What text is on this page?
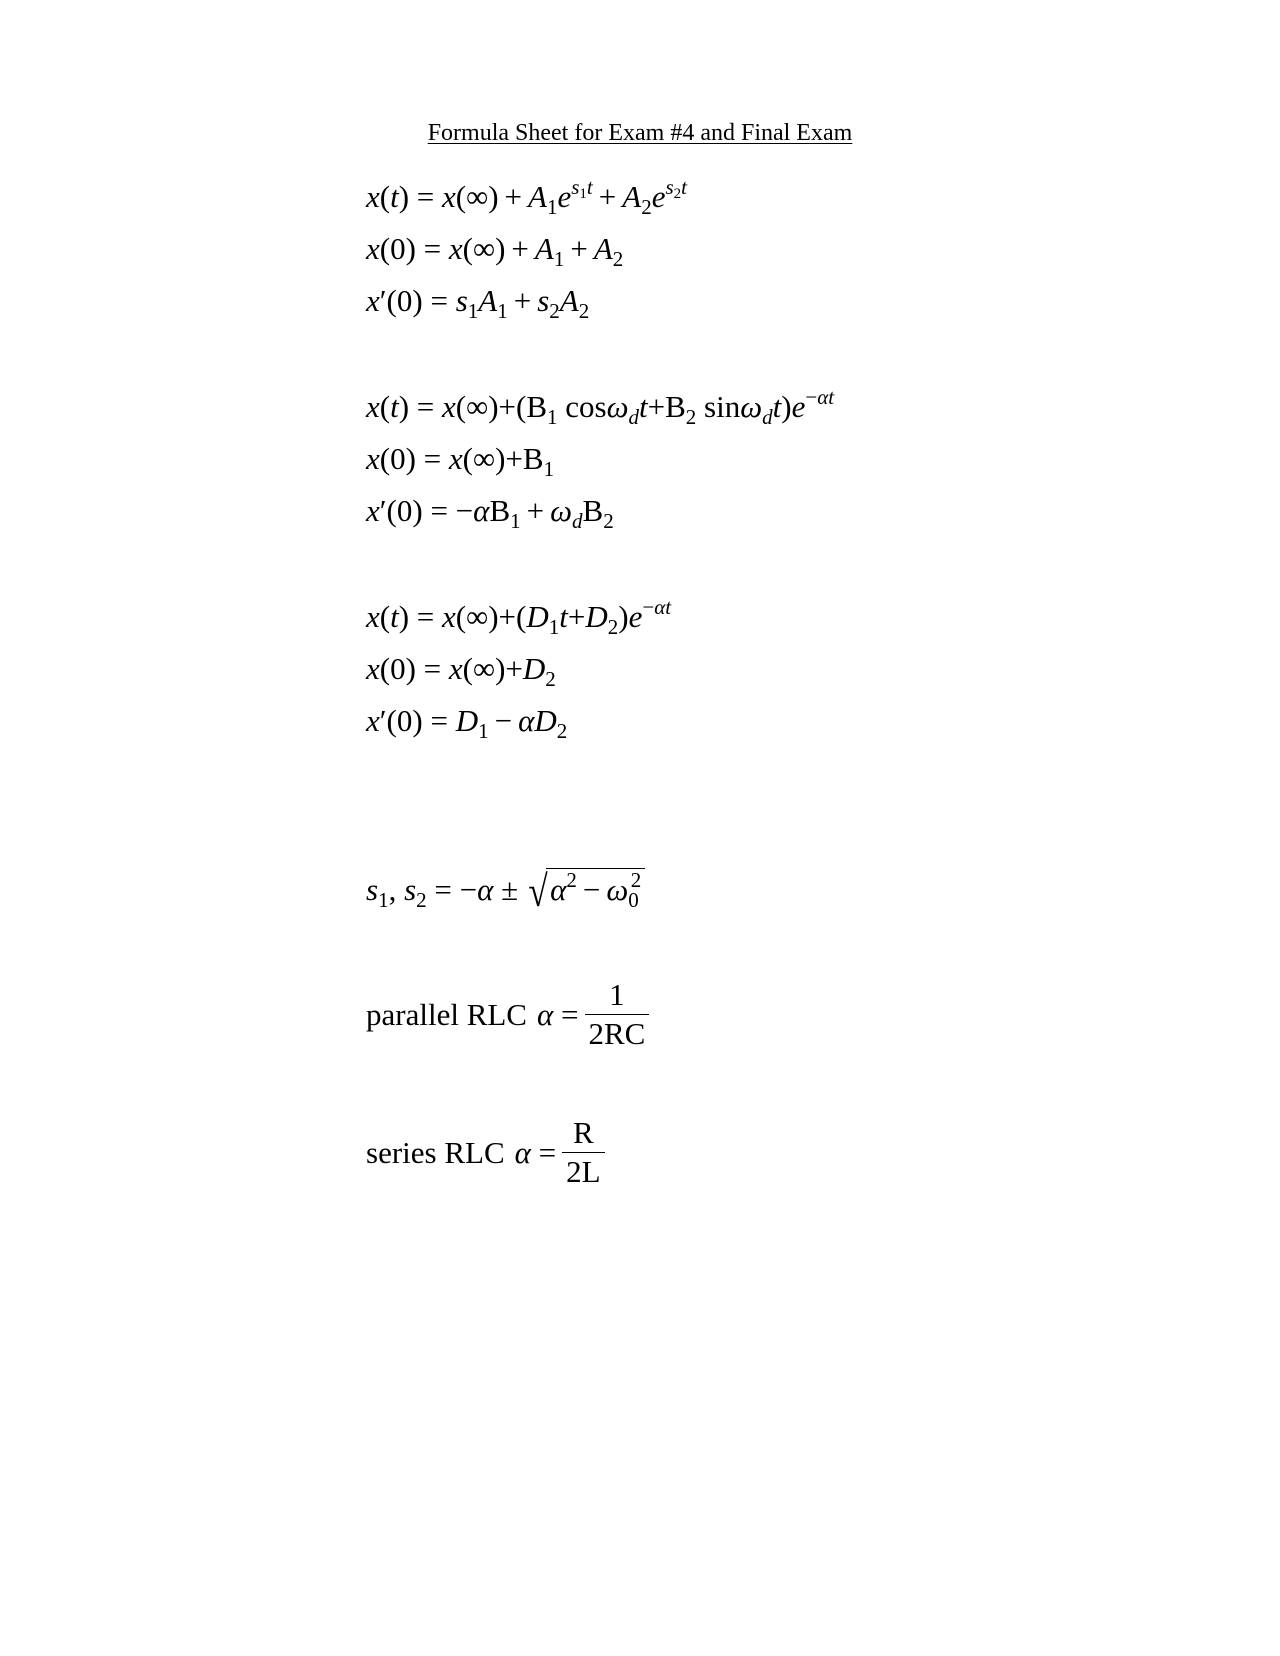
Formula Sheet for Exam #4 and Final Exam
$x(t) = x(\infty) + A_1e^{s_1t} + A_2e^{s_2t}$
$x(0) = x(\infty) + A_1 + A_2$
$x'(0) = s_1A_1 + s_2A_2$
$x(t) = x(\infty)+(B_1$ $\cos\omega_dt+B_2$ $\sin\omega_dt)e^{-\alpha t}$
$x(0) = x(\infty)+B_1$
$x'(0) = -\alpha B_1 + \omega_dB_2$
$x(t) = x(\infty)+(D_1t+D_2)e^{-\alpha t}$
$x(0) = x(\infty)+D_2$
$x'(0) = D_1 - \alpha D_2$
$s_1$, $s_2 = -\alpha \pm √\alpha^2 - \omega_0^2$
parallel RLC $\alpha = \frac{1}{2RC}$
series RLC $\alpha = \frac{R}{2L}$
